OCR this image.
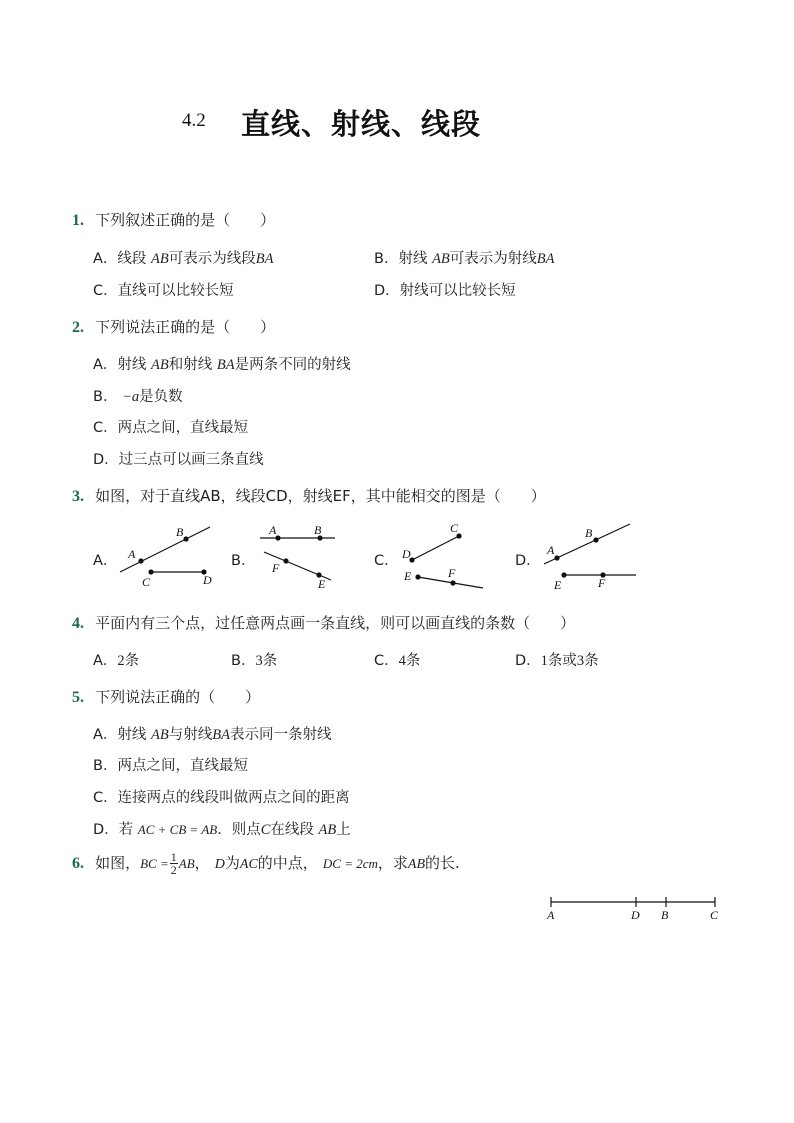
4.2 直线、射线、线段
1. 下列叙述正确的是（　　）
A．线段 AB可表示为线段BA	B．射线 AB可表示为射线BA
C．直线可以比较长短	D．射线可以比较长短
2. 下列说法正确的是（　　）
A．射线 AB和射线 BA是两条不同的射线
B． −a是负数
C．两点之间，直线最短
D．过三点可以画三条直线
3. 如图，对于直线AB，线段CD，射线EF，其中能相交的图是（　　）
A．	B．	C．	D．
A
B
C	D
A	B
F
E
C
D
E	F
A
B
E	F
4. 平面内有三个点，过任意两点画一条直线，则可以画直线的条数（　　）
A．2条	B．3条	C．4条	D．1条或3条
5. 下列说法正确的（　　）
A．射线 AB与射线BA表示同一条射线
B．两点之间，直线最短
C．连接两点的线段叫做两点之间的距离
D．若 AC + CB = AB．则点C在线段 AB上
6. 如图，BC = $\frac{1}{2}$ AB， D为AC的中点， DC = 2cm，求AB的长.
A	D B	C
